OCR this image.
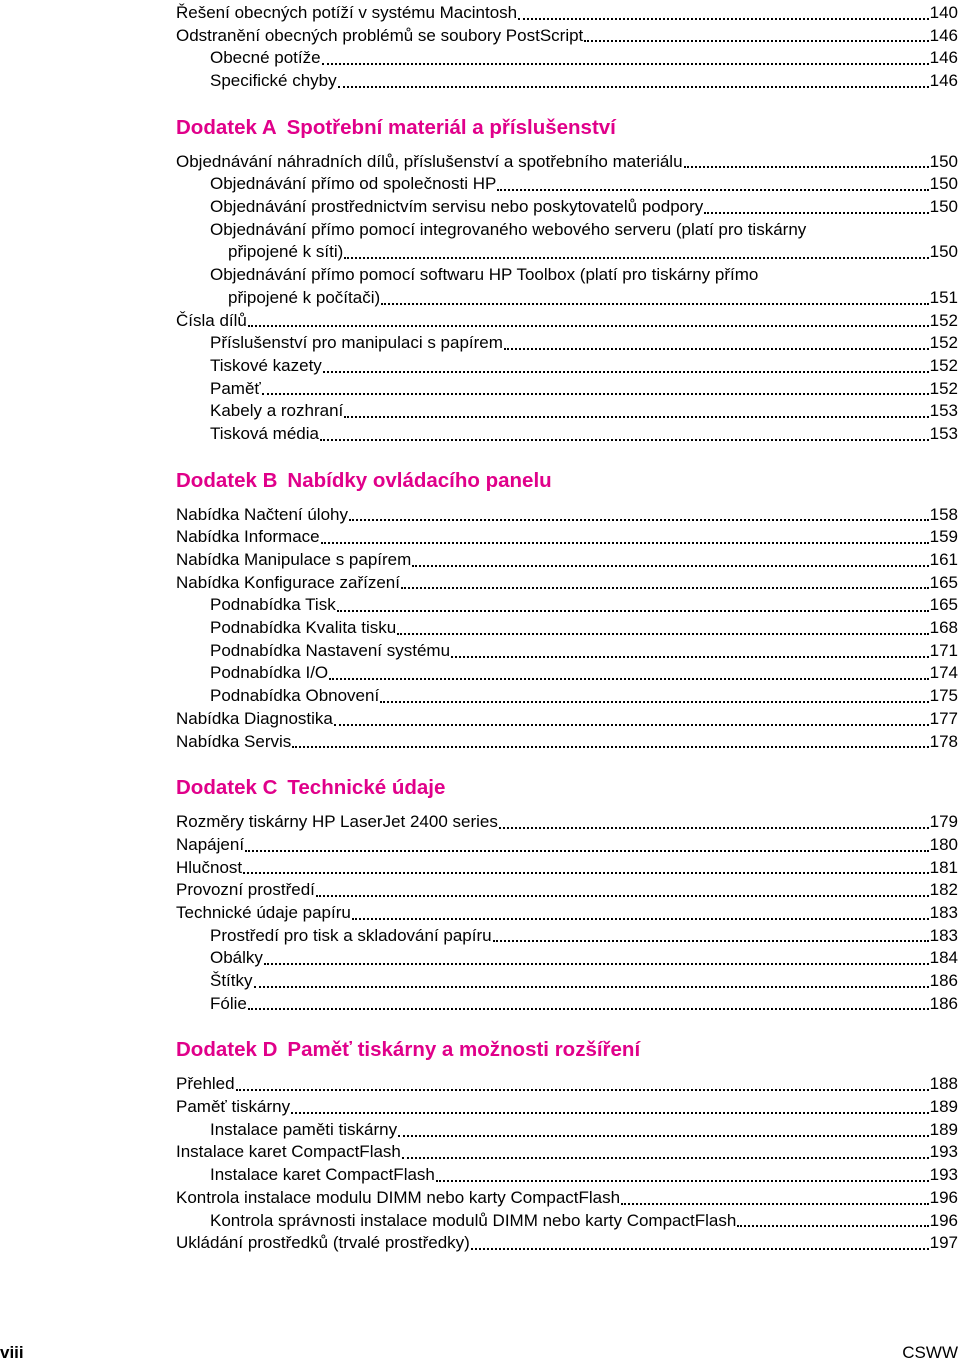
Řešení obecných potíží v systému Macintosh	140
Odstranění obecných problémů se soubory PostScript	146
Obecné potíže	146
Specifické chyby	146
Dodatek A Spotřební materiál a příslušenství
Objednávání náhradních dílů, příslušenství a spotřebního materiálu	150
Objednávání přímo od společnosti HP	150
Objednávání prostřednictvím servisu nebo poskytovatelů podpory	150
Objednávání přímo pomocí integrovaného webového serveru (platí pro tiskárny
připojené k síti)	150
Objednávání přímo pomocí softwaru HP Toolbox (platí pro tiskárny přímo
připojené k počítači)	151
Čísla dílů	152
Příslušenství pro manipulaci s papírem	152
Tiskové kazety	152
Paměť	152
Kabely a rozhraní	153
Tisková média	153
Dodatek B Nabídky ovládacího panelu
Nabídka Načtení úlohy	158
Nabídka Informace	159
Nabídka Manipulace s papírem	161
Nabídka Konfigurace zařízení	165
Podnabídka Tisk	165
Podnabídka Kvalita tisku	168
Podnabídka Nastavení systému	171
Podnabídka I/O	174
Podnabídka Obnovení	175
Nabídka Diagnostika	177
Nabídka Servis	178
Dodatek C Technické údaje
Rozměry tiskárny HP LaserJet 2400 series	179
Napájení	180
Hlučnost	181
Provozní prostředí	182
Technické údaje papíru	183
Prostředí pro tisk a skladování papíru	183
Obálky	184
Štítky	186
Fólie	186
Dodatek D Paměť tiskárny a možnosti rozšíření
Přehled	188
Paměť tiskárny	189
Instalace paměti tiskárny	189
Instalace karet CompactFlash	193
Instalace karet CompactFlash	193
Kontrola instalace modulu DIMM nebo karty CompactFlash	196
Kontrola správnosti instalace modulů DIMM nebo karty CompactFlash	196
Ukládání prostředků (trvalé prostředky)	197
viii	CSWW
